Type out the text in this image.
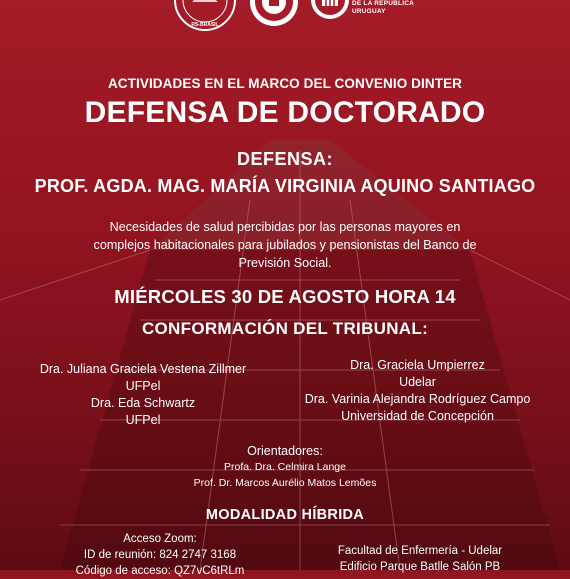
RS-BRASIL
DE LA REPÚBLICA
URUGUAY
ACTIVIDADES EN EL MARCO DEL CONVENIO DINTER
DEFENSA DE DOCTORADO
DEFENSA:
PROF. AGDA. MAG. MARÍA VIRGINIA AQUINO SANTIAGO
Necesidades de salud percibidas por las personas mayores en
complejos habitacionales para jubilados y pensionistas del Banco de
Previsión Social.
MIÉRCOLES 30 DE AGOSTO HORA 14
CONFORMACIÓN DEL TRIBUNAL:
Dra. Juliana Graciela Vestena Zillmer
UFPel
Dra. Eda Schwartz
UFPel
Dra. Graciela Umpierrez
Udelar
Dra. Varinia Alejandra Rodríguez Campo
Universidad de Concepción
Orientadores:
Profa. Dra. Celmira Lange
Prof. Dr. Marcos Aurélio Matos Lemões
MODALIDAD HÍBRIDA
Acceso Zoom:
ID de reunión: 824 2747 3168
Código de acceso: QZ7vC6tRLm
Facultad de Enfermería - Udelar
Edificio Parque Batlle Salón PB
